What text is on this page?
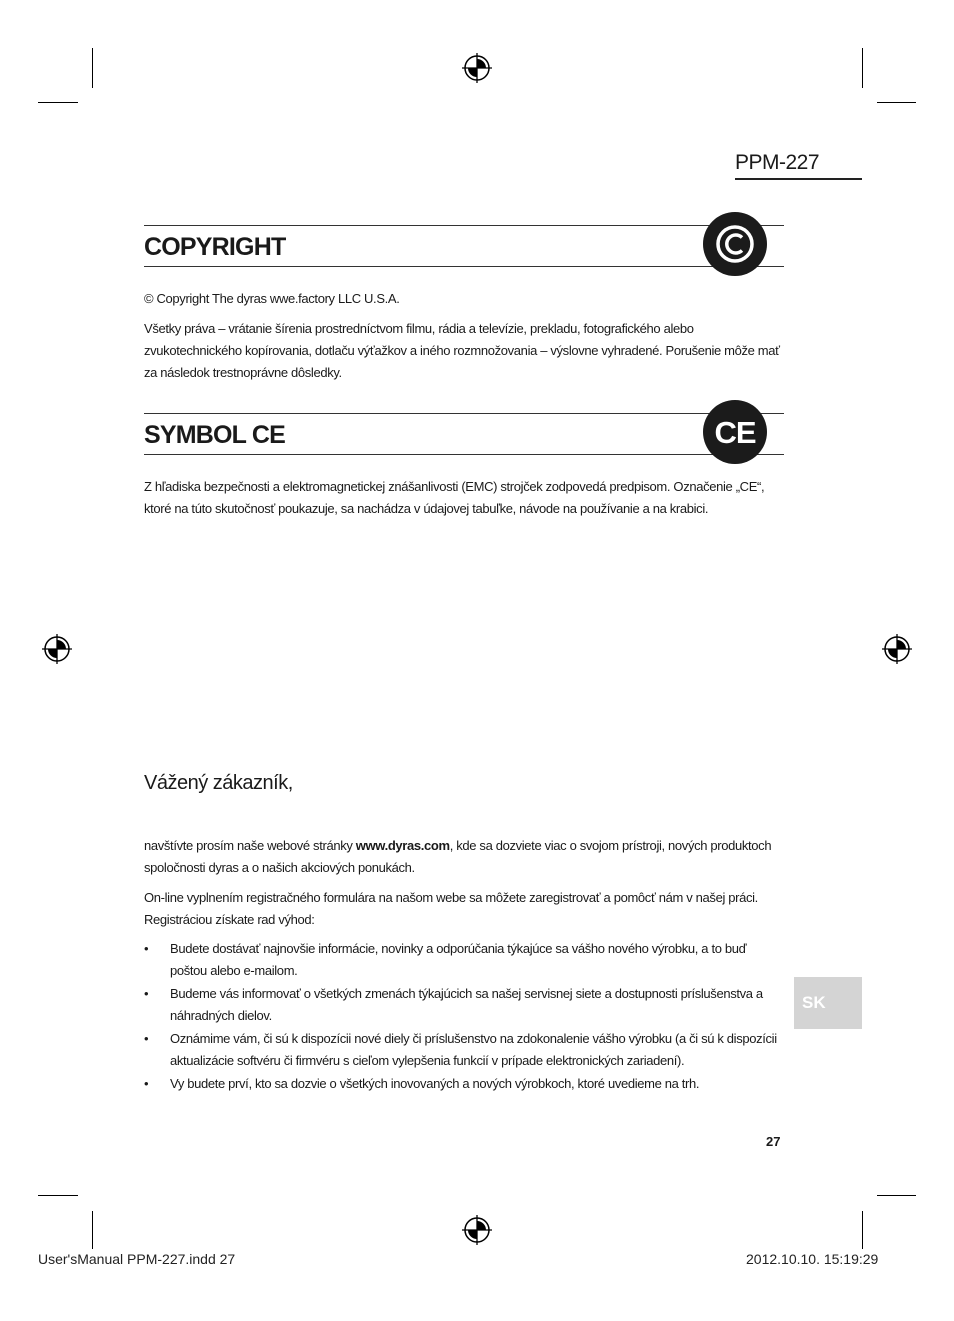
PPM-227
COPYRIGHT

© Copyright The dyras wwe.factory LLC U.S.A.

Všetky práva – vrátanie šírenia prostredníctvom filmu, rádia a televízie, prekladu, fotografického alebo zvukotechnického kopírovania, dotlaču výťažkov a iného rozmnožovania – výslovne vyhradené. Porušenie môže mať za následok trestnoprávne dôsledky.

SYMBOL CE	CE

Z hľadiska bezpečnosti a elektromagnetickej znášanlivosti (EMC) strojček zodpovedá predpisom. Označenie „CE“, ktoré na túto skutočnosť poukazuje, sa nachádza v údajovej tabuľke, návode na používanie a na krabici.

Vážený zákazník,

navštívte prosím naše webové stránky www.dyras.com, kde sa dozviete viac o svojom prístroji, nových produktoch spoločnosti dyras a o našich akciových ponukách.

On-line vyplnením registračného formulára na našom webe sa môžete zaregistrovať a pomôcť nám v našej práci. Registráciou získate rad výhod:

• Budete dostávať najnovšie informácie, novinky a odporúčania týkajúce sa vášho nového výrobku, a to buď poštou alebo e-mailom.
• Budeme vás informovať o všetkých zmenách týkajúcich sa našej servisnej siete a dostupnosti príslušenstva a náhradných dielov.
• Oznámime vám, či sú k dispozícii nové diely či príslušenstvo na zdokonalenie vášho výrobku (a či sú k dispozícii aktualizácie softvéru či firmvéru s cieľom vylepšenia funkcií v prípade elektronických zariadení).
• Vy budete prví, kto sa dozvie o všetkých inovovaných a nových výrobkoch, ktoré uvedieme na trh.
SK
27
User'sManual PPM-227.indd 27	2012.10.10. 15:19:29
